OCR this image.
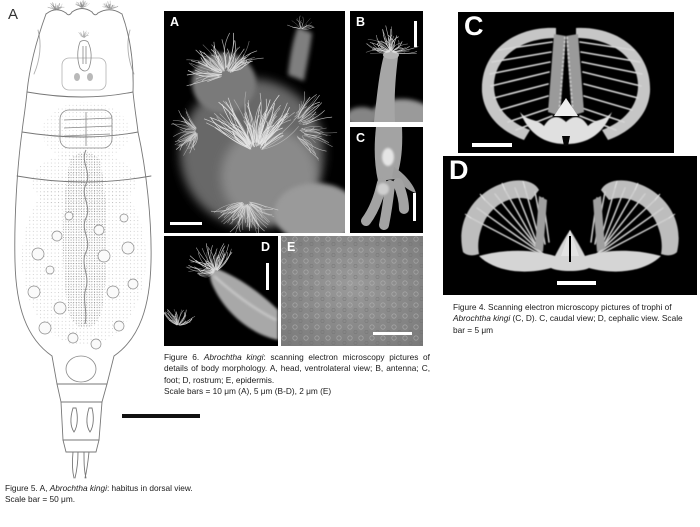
A
Figure 5. A, Abrochtha kingi: habitus in dorsal view.
Scale bar = 50 μm.
A	B
C
D E
Figure 6. Abrochtha kingi: scanning electron microscopy pictures of details of body morphology. A, head, ventrolateral view; B, antenna; C, foot; D, rostrum; E, epidermis.
Scale bars = 10 μm (A), 5 μm (B-D), 2 μm (E)
C
D
Figure 4. Scanning electron microscopy pictures of trophi of Abrochtha kingi (C, D). C, caudal view; D, cephalic view. Scale bar = 5 μm
